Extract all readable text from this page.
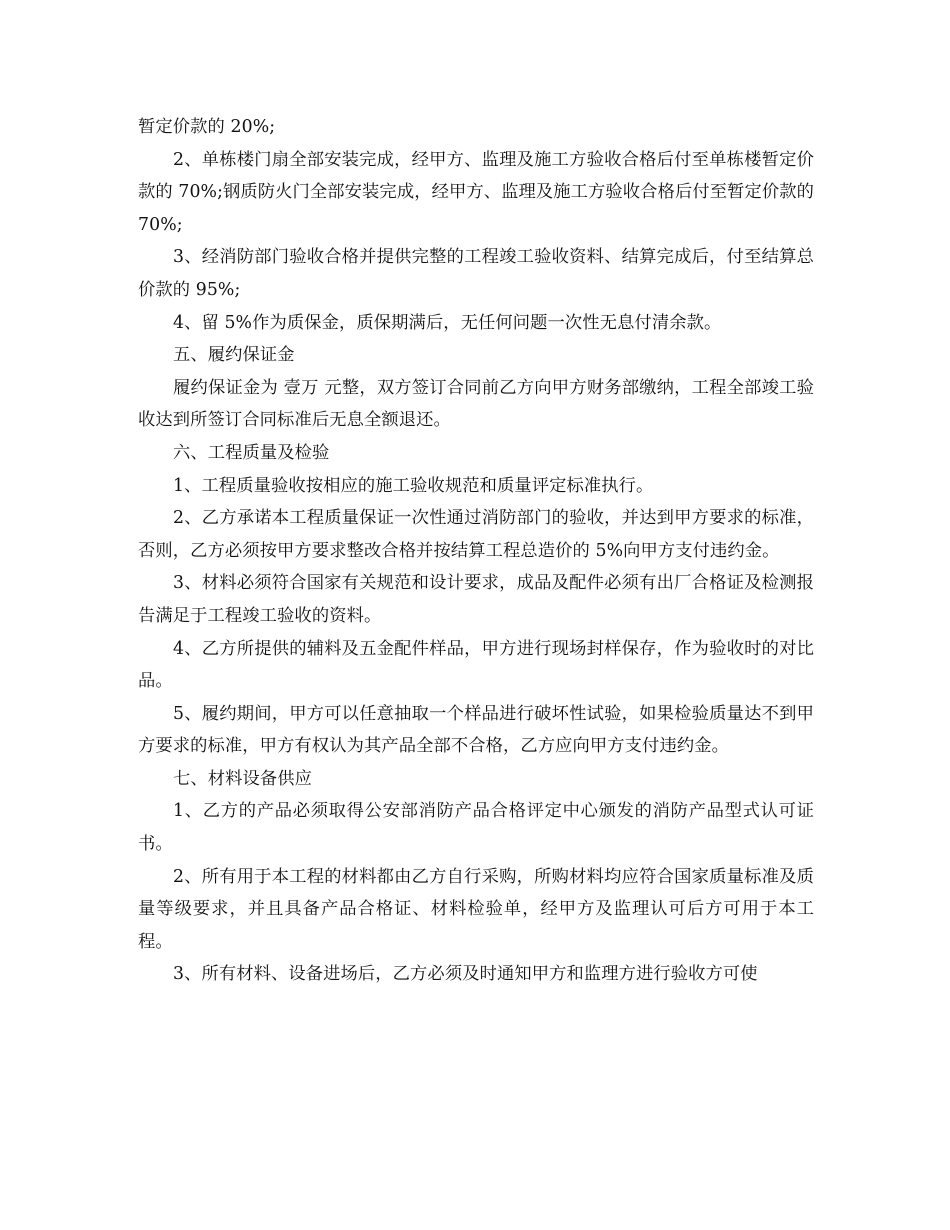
暂定价款的 20%;

2、单栋楼门扇全部安装完成，经甲方、监理及施工方验收合格后付至单栋楼暂定价款的 70%;钢质防火门全部安装完成，经甲方、监理及施工方验收合格后付至暂定价款的 70%;

3、经消防部门验收合格并提供完整的工程竣工验收资料、结算完成后，付至结算总价款的 95%;

4、留 5%作为质保金，质保期满后，无任何问题一次性无息付清余款。

五、履约保证金

履约保证金为 壹万 元整，双方签订合同前乙方向甲方财务部缴纳，工程全部竣工验收达到所签订合同标准后无息全额退还。

六、工程质量及检验

1、工程质量验收按相应的施工验收规范和质量评定标准执行。

2、乙方承诺本工程质量保证一次性通过消防部门的验收，并达到甲方要求的标准，否则，乙方必须按甲方要求整改合格并按结算工程总造价的 5%向甲方支付违约金。

3、材料必须符合国家有关规范和设计要求，成品及配件必须有出厂合格证及检测报告满足于工程竣工验收的资料。

4、乙方所提供的辅料及五金配件样品，甲方进行现场封样保存，作为验收时的对比品。

5、履约期间，甲方可以任意抽取一个样品进行破坏性试验，如果检验质量达不到甲方要求的标准，甲方有权认为其产品全部不合格，乙方应向甲方支付违约金。

七、材料设备供应

1、乙方的产品必须取得公安部消防产品合格评定中心颁发的消防产品型式认可证书。

2、所有用于本工程的材料都由乙方自行采购，所购材料均应符合国家质量标准及质量等级要求，并且具备产品合格证、材料检验单，经甲方及监理认可后方可用于本工程。

3、所有材料、设备进场后，乙方必须及时通知甲方和监理方进行验收方可使
